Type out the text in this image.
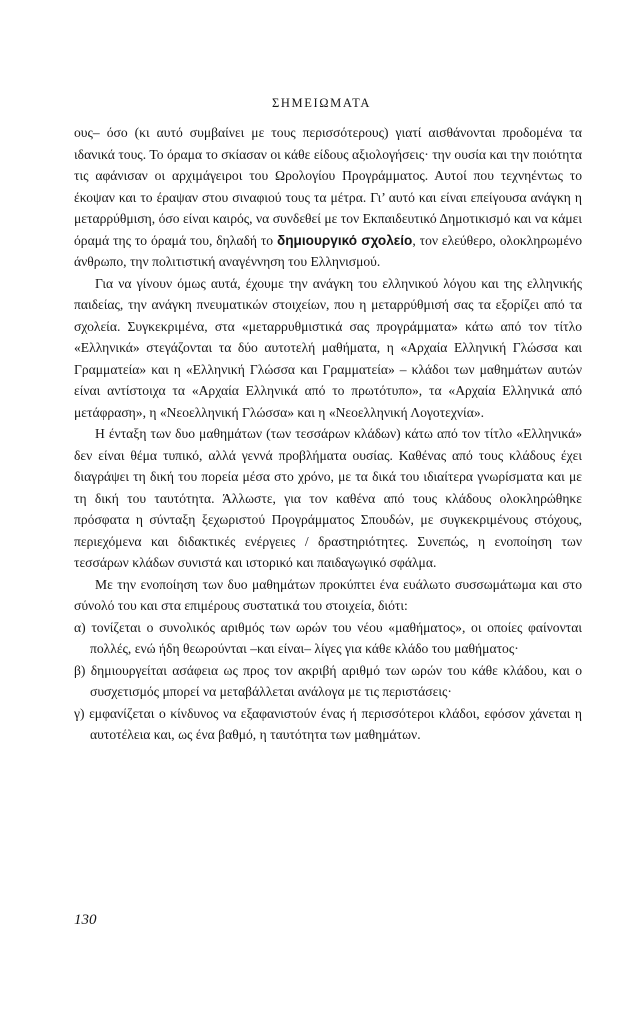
ΣΗΜΕΙΩΜΑΤΑ

ους– όσο (κι αυτό συμβαίνει με τους περισσότερους) γιατί αισθάνονται προδομένα τα ιδανικά τους. Το όραμα το σκίασαν οι κάθε είδους αξιολογήσεις· την ουσία και την ποιότητα τις αφάνισαν οι αρχιμάγειροι του Ωρολογίου Προγράμματος. Αυτοί που τεχνηέντως το έκοψαν και το έραψαν στου σιναφιού τους τα μέτρα. Γι’ αυτό και είναι επείγουσα ανάγκη η μεταρρύθμιση, όσο είναι καιρός, να συνδεθεί με τον Εκπαιδευτικό Δημοτικισμό και να κάμει όραμά της το όραμά του, δηλαδή το δημιουργικό σχολείο, τον ελεύθερο, ολοκληρωμένο άνθρωπο, την πολιτιστική αναγέννηση του Ελληνισμού.

Για να γίνουν όμως αυτά, έχουμε την ανάγκη του ελληνικού λόγου και της ελληνικής παιδείας, την ανάγκη πνευματικών στοιχείων, που η μεταρρύθμισή σας τα εξορίζει από τα σχολεία. Συγκεκριμένα, στα «μεταρρυθμιστικά σας προγράμματα» κάτω από τον τίτλο «Ελληνικά» στεγάζονται τα δύο αυτοτελή μαθήματα, η «Αρχαία Ελληνική Γλώσσα και Γραμματεία» και η «Ελληνική Γλώσσα και Γραμματεία» – κλάδοι των μαθημάτων αυτών είναι αντίστοιχα τα «Αρχαία Ελληνικά από το πρωτότυπο», τα «Αρχαία Ελληνικά από μετάφραση», η «Νεοελληνική Γλώσσα» και η «Νεοελληνική Λογοτεχνία».

Η ένταξη των δυο μαθημάτων (των τεσσάρων κλάδων) κάτω από τον τίτλο «Ελληνικά» δεν είναι θέμα τυπικό, αλλά γεννά προβλήματα ουσίας. Καθένας από τους κλάδους έχει διαγράψει τη δική του πορεία μέσα στο χρόνο, με τα δικά του ιδιαίτερα γνωρίσματα και με τη δική του ταυτότητα. Άλλωστε, για τον καθένα από τους κλάδους ολοκληρώθηκε πρόσφατα η σύνταξη ξεχωριστού Προγράμματος Σπουδών, με συγκεκριμένους στόχους, περιεχόμενα και διδακτικές ενέργειες / δραστηριότητες. Συνεπώς, η ενοποίηση των τεσσάρων κλάδων συνιστά και ιστορικό και παιδαγωγικό σφάλμα.

Με την ενοποίηση των δυο μαθημάτων προκύπτει ένα ευάλωτο συσσωμάτωμα και στο σύνολό του και στα επιμέρους συστατικά του στοιχεία, διότι:

α) τονίζεται ο συνολικός αριθμός των ωρών του νέου «μαθήματος», οι οποίες φαίνονται πολλές, ενώ ήδη θεωρούνται –και είναι– λίγες για κάθε κλάδο του μαθήματος·

β) δημιουργείται ασάφεια ως προς τον ακριβή αριθμό των ωρών του κάθε κλάδου, και ο συσχετισμός μπορεί να μεταβάλλεται ανάλογα με τις περιστάσεις·

γ) εμφανίζεται ο κίνδυνος να εξαφανιστούν ένας ή περισσότεροι κλάδοι, εφόσον χάνεται η αυτοτέλεια και, ως ένα βαθμό, η ταυτότητα των μαθημάτων.

130
